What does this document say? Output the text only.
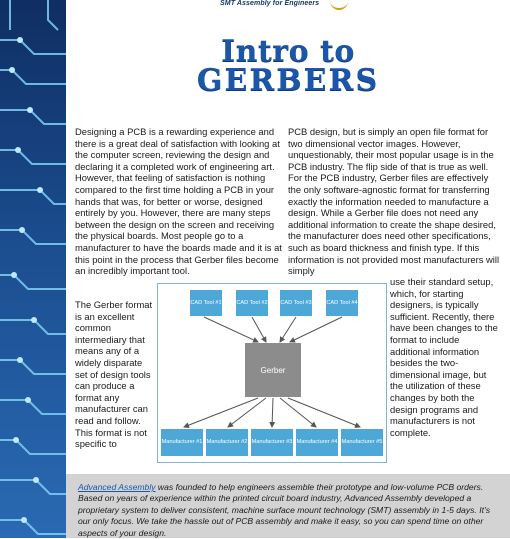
SMT Assembly for Engineers
Intro to
GERBERS

Designing a PCB is a rewarding experience and there is a great deal of satisfaction with looking at the computer screen, reviewing the design and declaring it a completed work of engineering art. However, that feeling of satisfaction is nothing compared to the first time holding a PCB in your hands that was, for better or worse, designed entirely by you. However, there are many steps between the design on the screen and receiving the physical boards. Most people go to a manufacturer to have the boards made and it is at this point in the process that Gerber files become an incredibly important tool.

The Gerber format is an excellent common intermediary that means any of a widely disparate set of design tools can produce a format any manufacturer can read and follow. This format is not specific to

PCB design, but is simply an open file format for two dimensional vector images. However, unquestionably, their most popular usage is in the PCB industry. The flip side of that is true as well. For the PCB industry, Gerber files are effectively the only software-agnostic format for transferring exactly the information needed to manufacture a design. While a Gerber file does not need any additional information to create the shape desired, the manufacturer does need other specifications, such as board thickness and finish type. If this information is not provided most manufacturers will simply

use their standard setup, which, for starting designers, is typically sufficient. Recently, there have been changes to the format to include additional information besides the two-dimensional image, but the utilization of these changes by both the design programs and manufacturers is not complete.

CAD Tool #1	CAD Tool #2 CAD Tool #3	CAD Tool #4
Gerber
Manufacturer #1 Manufacturer #2 Manufacturer #3 Manufacturer #4 Manufacturer #5

Advanced Assembly was founded to help engineers assemble their prototype and low-volume PCB orders. Based on years of experience within the printed circuit board industry, Advanced Assembly developed a proprietary system to deliver consistent, machine surface mount technology (SMT) assembly in 1-5 days. It’s our only focus. We take the hassle out of PCB assembly and make it easy, so you can spend time on other aspects of your design.
